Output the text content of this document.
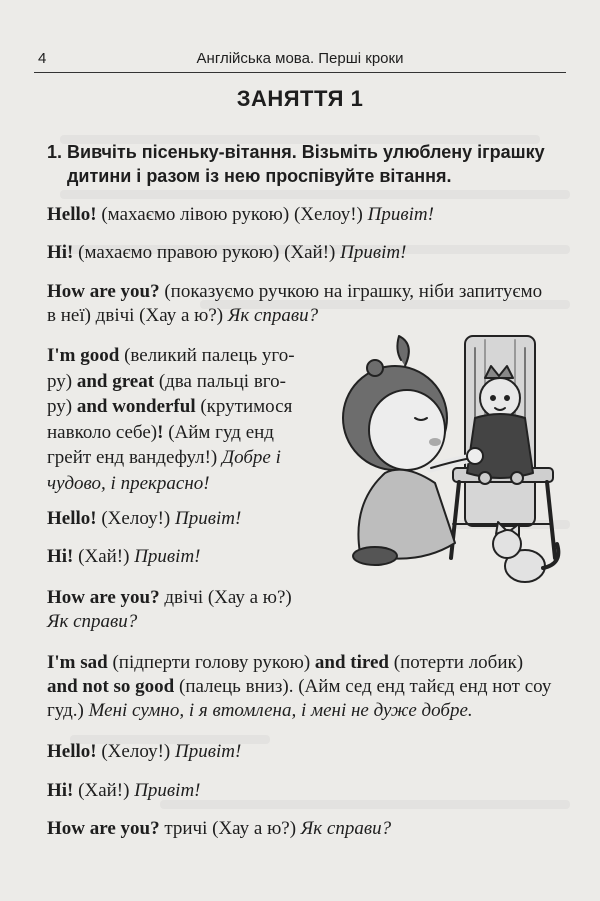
4	Англійська мова. Перші кроки
ЗАНЯТТЯ 1
1. Вивчіть пісеньку-вітання. Візьміть улюблену іграшку
дитини і разом із нею проспівуйте вітання.
Hello! (махаємо лівою рукою) (Хелоу!) Привіт!
Hi! (махаємо правою рукою) (Хай!) Привіт!
How are you? (показуємо ручкою на іграшку, ніби запитуємо
в неї) двічі (Хау а ю?) Як справи?
I'm good (великий палець уго-
ру) and great (два пальці вго-
ру) and wonderful (крутимося
навколо себе)! (Айм гуд енд
грейт енд вандефул!) Добре і
чудово, і прекрасно!
Hello! (Хелоу!) Привіт!
Hi! (Хай!) Привіт!
How are you? двічі (Хау а ю?)
Як справи?
I'm sad (підперти голову рукою) and tired (потерти лобик)
and not so good (палець вниз). (Айм сед енд тайєд енд нот соу
гуд.) Мені сумно, і я втомлена, і мені не дуже добре.
Hello! (Хелоу!) Привіт!
Hi! (Хай!) Привіт!
How are you? тричі (Хау а ю?) Як справи?
